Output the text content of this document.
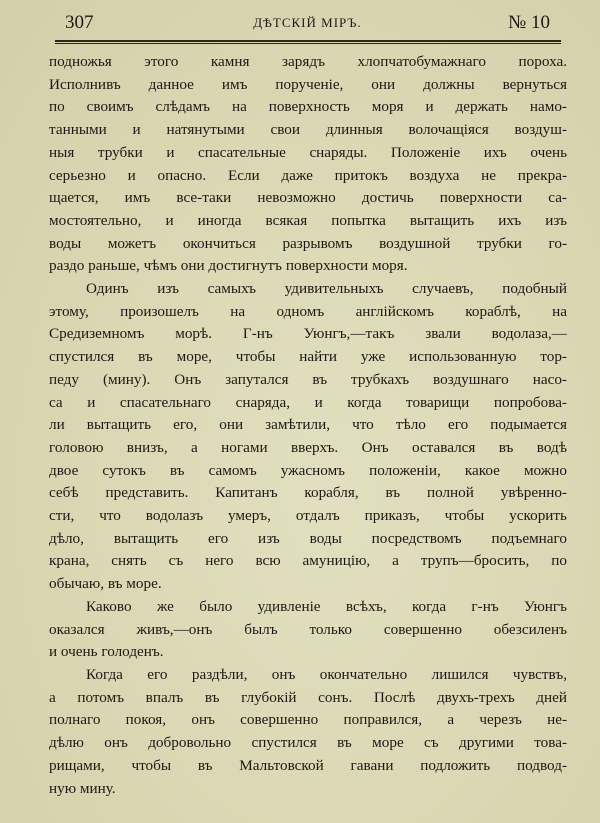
307	ДѢТСКІЙ МІРЪ.	№ 10
подножья этого камня зарядъ хлопчатобумажнаго пороха.
Исполнивъ данное имъ порученіе, они должны вернуться
по своимъ слѣдамъ на поверхность моря и держать намо-
танными и натянутыми свои длинныя волочащіяся воздуш-
ныя трубки и спасательные снаряды. Положеніе ихъ очень
серьезно и опасно. Если даже притокъ воздуха не прекра-
щается, имъ все-таки невозможно достичь поверхности са-
мостоятельно, и иногда всякая попытка вытащить ихъ изъ
воды можетъ окончиться разрывомъ воздушной трубки го-
раздо раньше, чѣмъ они достигнутъ поверхности моря.
Одинъ изъ самыхъ удивительныхъ случаевъ, подобный
этому, произошелъ на одномъ англійскомъ кораблѣ, на
Средиземномъ морѣ. Г-нъ Уюнгъ,—такъ звали водолаза,—
спустился въ море, чтобы найти уже использованную тор-
педу (мину). Онъ запутался въ трубкахъ воздушнаго насо-
са и спасательнаго снаряда, и когда товарищи попробова-
ли вытащить его, они замѣтили, что тѣло его подымается
головою внизъ, а ногами вверхъ. Онъ оставался въ водѣ
двое сутокъ въ самомъ ужасномъ положеніи, какое можно
себѣ представить. Капитанъ корабля, въ полной увѣренно-
сти, что водолазъ умеръ, отдалъ приказъ, чтобы ускорить
дѣло, вытащить его изъ воды посредствомъ подъемнаго
крана, снять съ него всю амуницію, а трупъ—бросить, по
обычаю, въ море.
Каково же было удивленіе всѣхъ, когда г-нъ Уюнгъ
оказался живъ,—онъ былъ только совершенно обезсиленъ
и очень голоденъ.
Когда его раздѣли, онъ окончательно лишился чувствъ,
а потомъ впалъ въ глубокій сонъ. Послѣ двухъ-трехъ дней
полнаго покоя, онъ совершенно поправился, а черезъ не-
дѣлю онъ добровольно спустился въ море съ другими това-
рищами, чтобы въ Мальтовской гавани подложить подвод-
ную мину.
